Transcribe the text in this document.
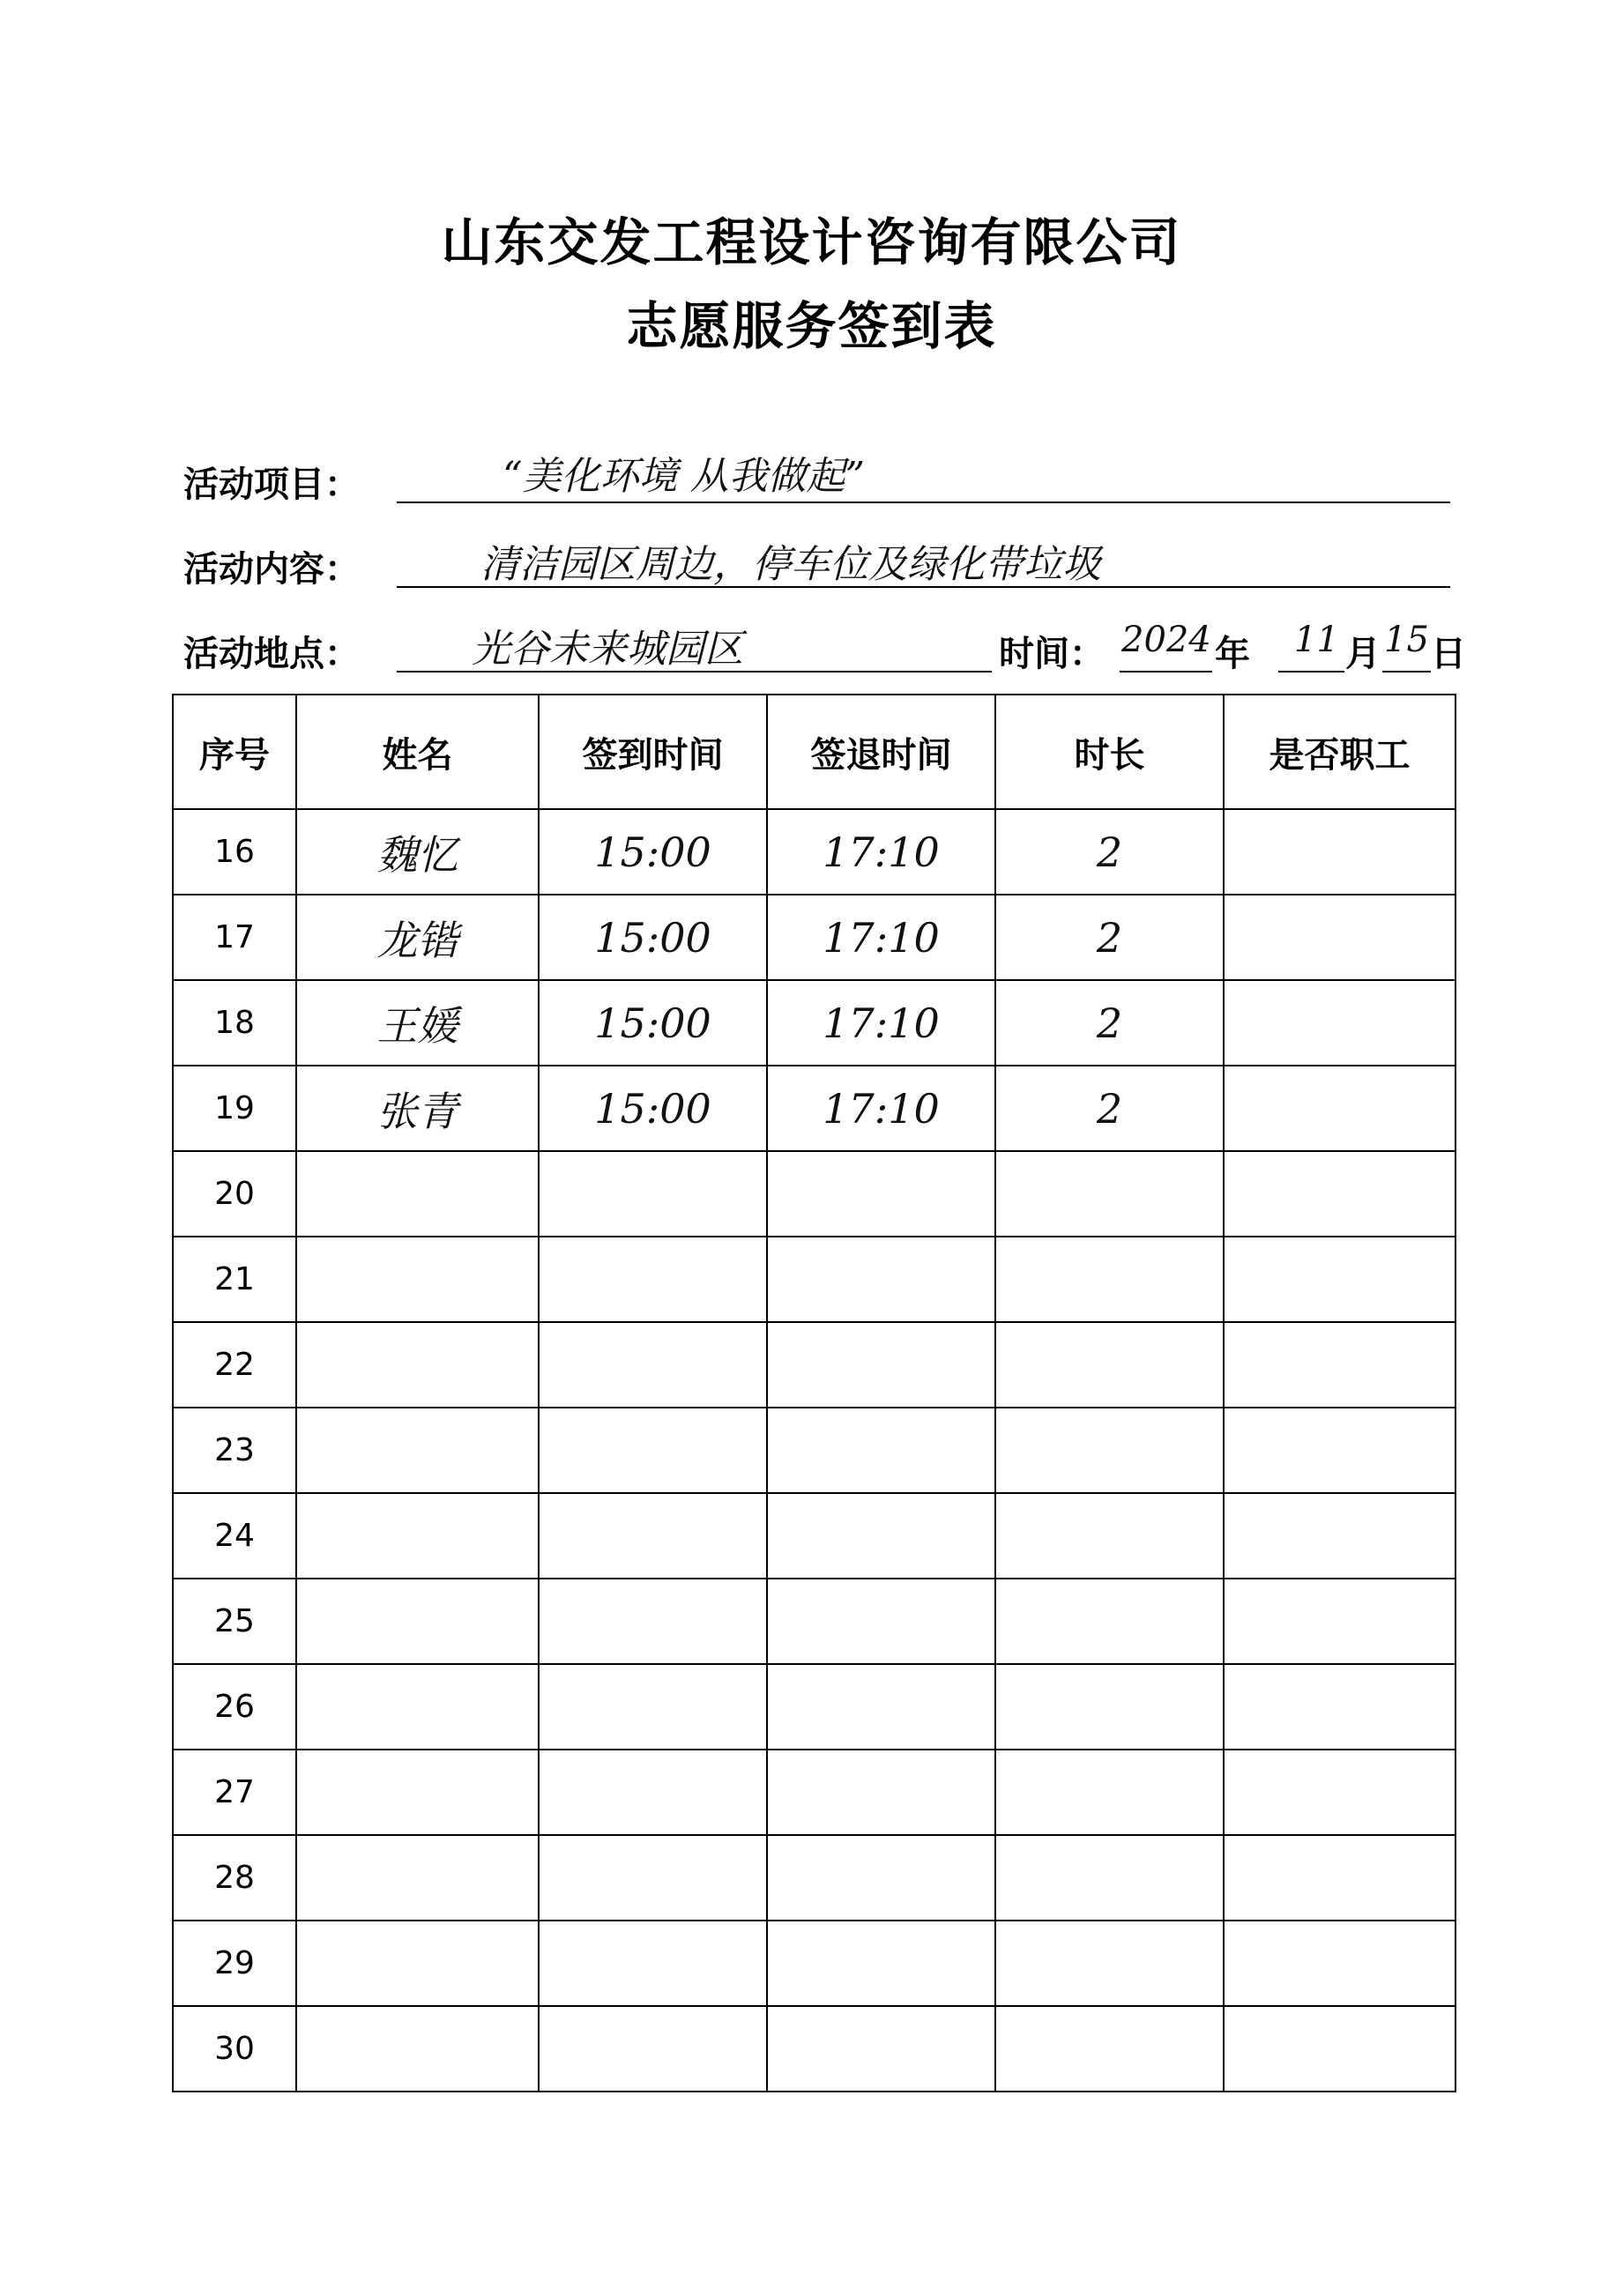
山东交发工程设计咨询有限公司
志愿服务签到表
活动项目：	“美化环境 从我做起”
活动内容：	清洁园区周边，停车位及绿化带垃圾
活动地点：	光谷未来城园区	时间： 2024 年 11 月 15 日
序号	姓名	签到时间	签退时间	时长	是否职工
16	魏忆	15:00	17:10	2	
17	龙锴	15:00	17:10	2	
18	王媛	15:00	17:10	2	
19	张青	15:00	17:10	2	
20					
21					
22					
23					
24					
25					
26					
27					
28					
29					
30					
